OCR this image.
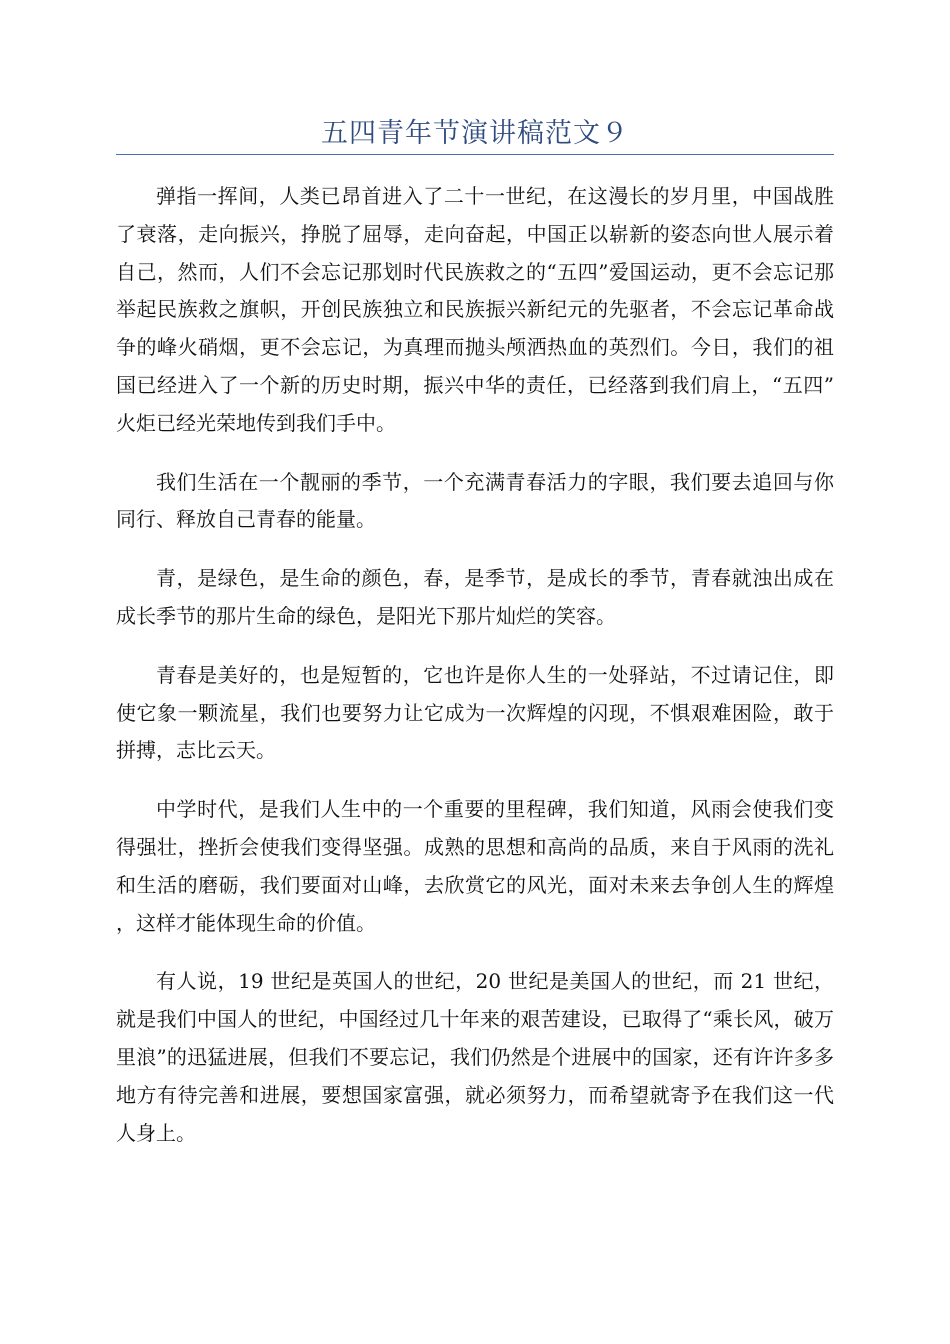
五四青年节演讲稿范文９

弹指一挥间，人类已昂首进入了二十一世纪，在这漫长的岁月里，中国战胜了衰落，走向振兴，挣脱了屈辱，走向奋起，中国正以崭新的姿态向世人展示着自己，然而，人们不会忘记那划时代民族救之的“五四”爱国运动，更不会忘记那举起民族救之旗帜，开创民族独立和民族振兴新纪元的先驱者，不会忘记革命战争的峰火硝烟，更不会忘记，为真理而抛头颅洒热血的英烈们。今日，我们的祖国已经进入了一个新的历史时期，振兴中华的责任，已经落到我们肩上，“五四”火炬已经光荣地传到我们手中。

我们生活在一个靓丽的季节，一个充满青春活力的字眼，我们要去追回与你同行、释放自己青春的能量。

青，是绿色，是生命的颜色，春，是季节，是成长的季节，青春就浊出成在成长季节的那片生命的绿色，是阳光下那片灿烂的笑容。

青春是美好的，也是短暂的，它也许是你人生的一处驿站，不过请记住，即使它象一颗流星，我们也要努力让它成为一次辉煌的闪现，不惧艰难困险，敢于拼搏，志比云天。

中学时代，是我们人生中的一个重要的里程碑，我们知道，风雨会使我们变得强壮，挫折会使我们变得坚强。成熟的思想和高尚的品质，来自于风雨的洗礼和生活的磨砺，我们要面对山峰，去欣赏它的风光，面对未来去争创人生的辉煌，这样才能体现生命的价值。

有人说，19 世纪是英国人的世纪，20 世纪是美国人的世纪，而 21 世纪，就是我们中国人的世纪，中国经过几十年来的艰苦建设，已取得了“乘长风，破万里浪”的迅猛进展，但我们不要忘记，我们仍然是个进展中的国家，还有许许多多地方有待完善和进展，要想国家富强，就必须努力，而希望就寄予在我们这一代人身上。
